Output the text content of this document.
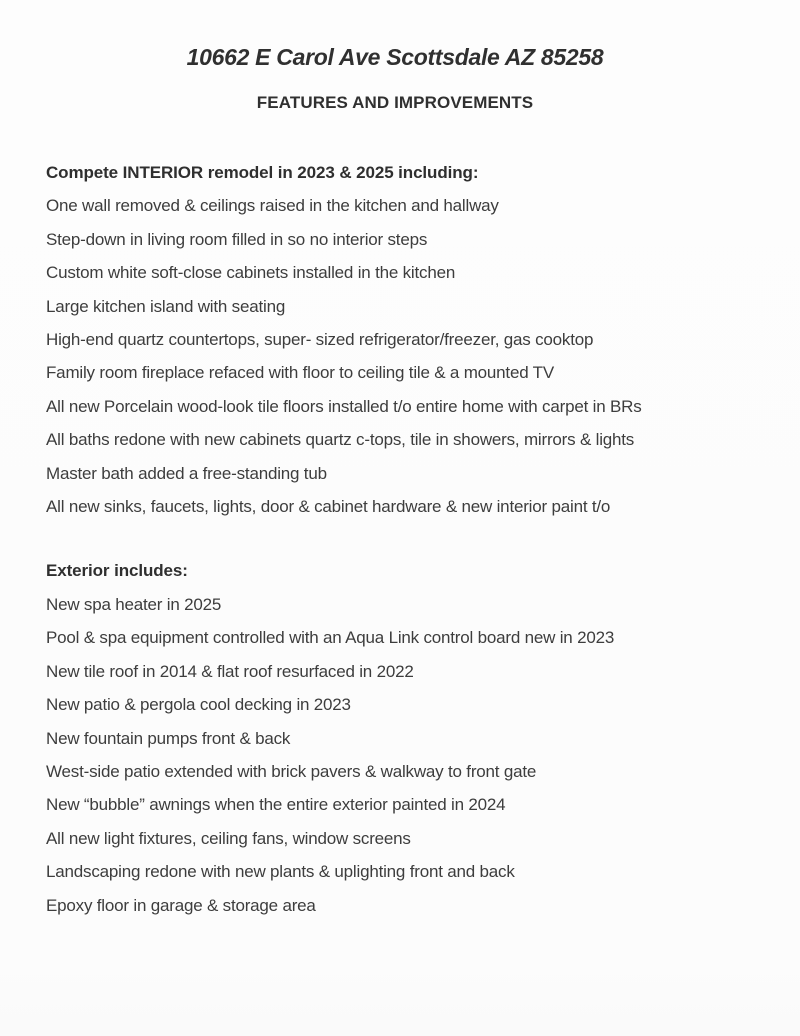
10662 E Carol Ave Scottsdale AZ 85258
FEATURES AND IMPROVEMENTS
Compete INTERIOR remodel in 2023 & 2025 including:

One wall removed & ceilings raised in the kitchen and hallway

Step-down in living room filled in so no interior steps

Custom white soft-close cabinets installed in the kitchen

Large kitchen island with seating

High-end quartz countertops, super- sized refrigerator/freezer, gas cooktop

Family room fireplace refaced with floor to ceiling tile & a mounted TV

All new Porcelain wood-look tile floors installed t/o entire home with carpet in BRs

All baths redone with new cabinets quartz c-tops, tile in showers, mirrors & lights

Master bath added a free-standing tub

All new sinks, faucets, lights, door & cabinet hardware & new interior paint t/o

Exterior includes:

New spa heater in 2025

Pool & spa equipment controlled with an Aqua Link control board new in 2023

New tile roof in 2014 & flat roof resurfaced in 2022

New patio & pergola cool decking in 2023

New fountain pumps front & back

West-side patio extended with brick pavers & walkway to front gate

New “bubble” awnings when the entire exterior painted in 2024

All new light fixtures, ceiling fans, window screens

Landscaping redone with new plants & uplighting front and back

Epoxy floor in garage & storage area
